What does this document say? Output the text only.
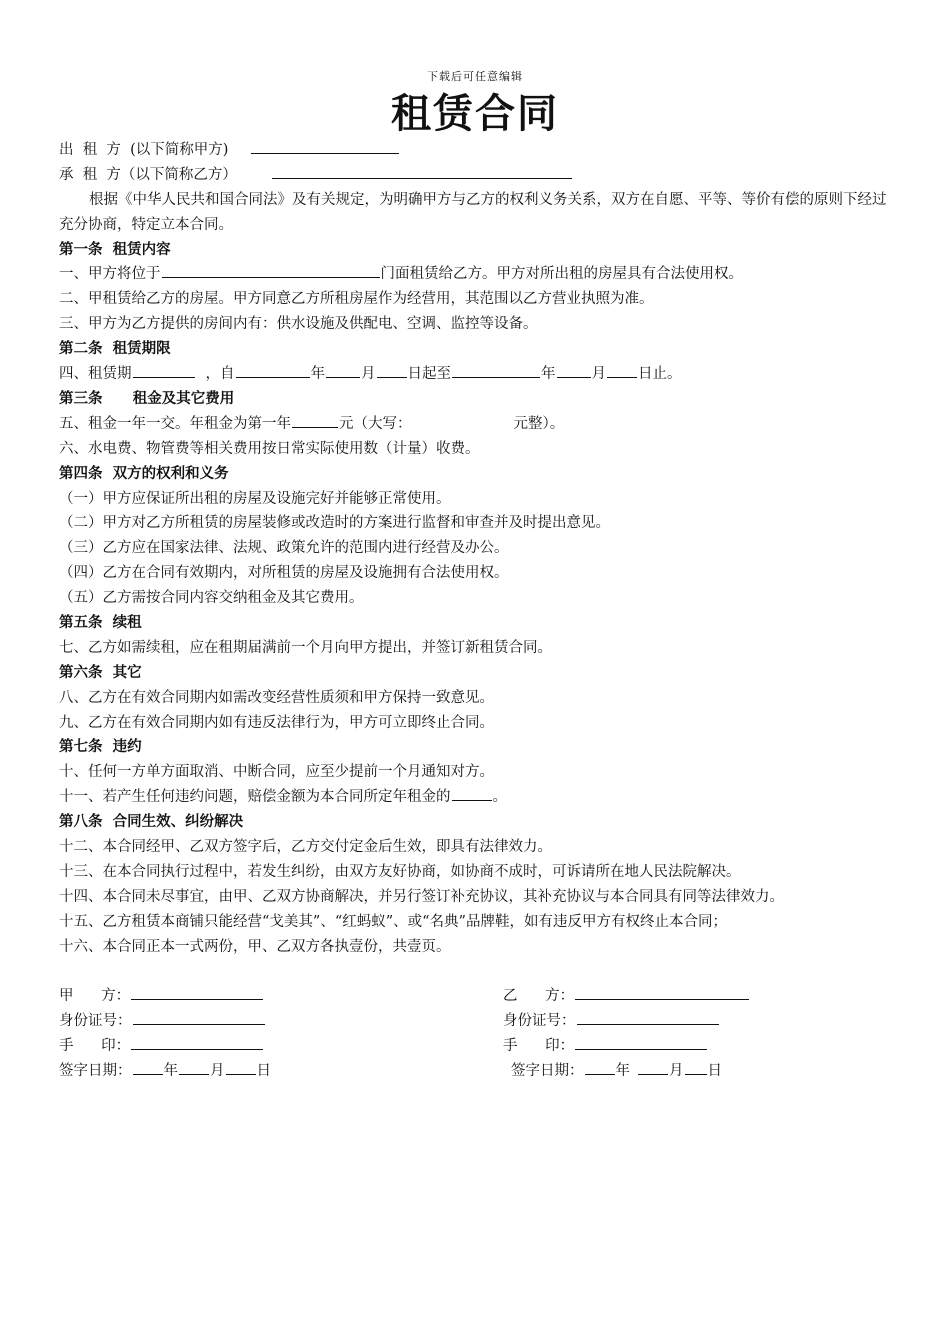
下载后可任意编辑
租赁合同
出  租  方  (以下简称甲方)
承  租  方（以下简称乙方）
根据《中华人民共和国合同法》及有关规定，为明确甲方与乙方的权利义务关系，双方在自愿、平等、等价有偿的原则下经过充分协商，特定立本合同。
第一条  租赁内容
一、甲方将位于	门面租赁给乙方。甲方对所出租的房屋具有合法使用权。
二、甲租赁给乙方的房屋。甲方同意乙方所租房屋作为经营用，其范围以乙方营业执照为准。
三、甲方为乙方提供的房间内有：供水设施及供配电、空调、监控等设备。
第二条  租赁期限
四、租赁期	，自	年 月 日起至	年 月 日止。
第三条      租金及其它费用
五、租金一年一交。年租金为第一年	元（大写：	元整）。
六、水电费、物管费等相关费用按日常实际使用数（计量）收费。
第四条  双方的权利和义务
（一）甲方应保证所出租的房屋及设施完好并能够正常使用。
（二）甲方对乙方所租赁的房屋装修或改造时的方案进行监督和审查并及时提出意见。
（三）乙方应在国家法律、法规、政策允许的范围内进行经营及办公。
（四）乙方在合同有效期内，对所租赁的房屋及设施拥有合法使用权。
（五）乙方需按合同内容交纳租金及其它费用。
第五条  续租
七、乙方如需续租，应在租期届满前一个月向甲方提出，并签订新租赁合同。
第六条  其它
八、乙方在有效合同期内如需改变经营性质须和甲方保持一致意见。
九、乙方在有效合同期内如有违反法律行为，甲方可立即终止合同。
第七条  违约
十、任何一方单方面取消、中断合同，应至少提前一个月通知对方。
十一、若产生任何违约问题，赔偿金额为本合同所定年租金的	。
第八条  合同生效、纠纷解决
十二、本合同经甲、乙双方签字后，乙方交付定金后生效，即具有法律效力。
十三、在本合同执行过程中，若发生纠纷，由双方友好协商，如协商不成时，可诉请所在地人民法院解决。
十四、本合同未尽事宜，由甲、乙双方协商解决，并另行签订补充协议，其补充协议与本合同具有同等法律效力。
十五、乙方租赁本商铺只能经营“戈美其”、“红蚂蚁”、或“名典”品牌鞋，如有违反甲方有权终止本合同；
十六、本合同正本一式两份，甲、乙双方各执壹份，共壹页。
甲      方：	乙      方：
身份证号：	身份证号：
手      印：	手      印：
签字日期： 年 月 日	签字日期： 年	月 日
